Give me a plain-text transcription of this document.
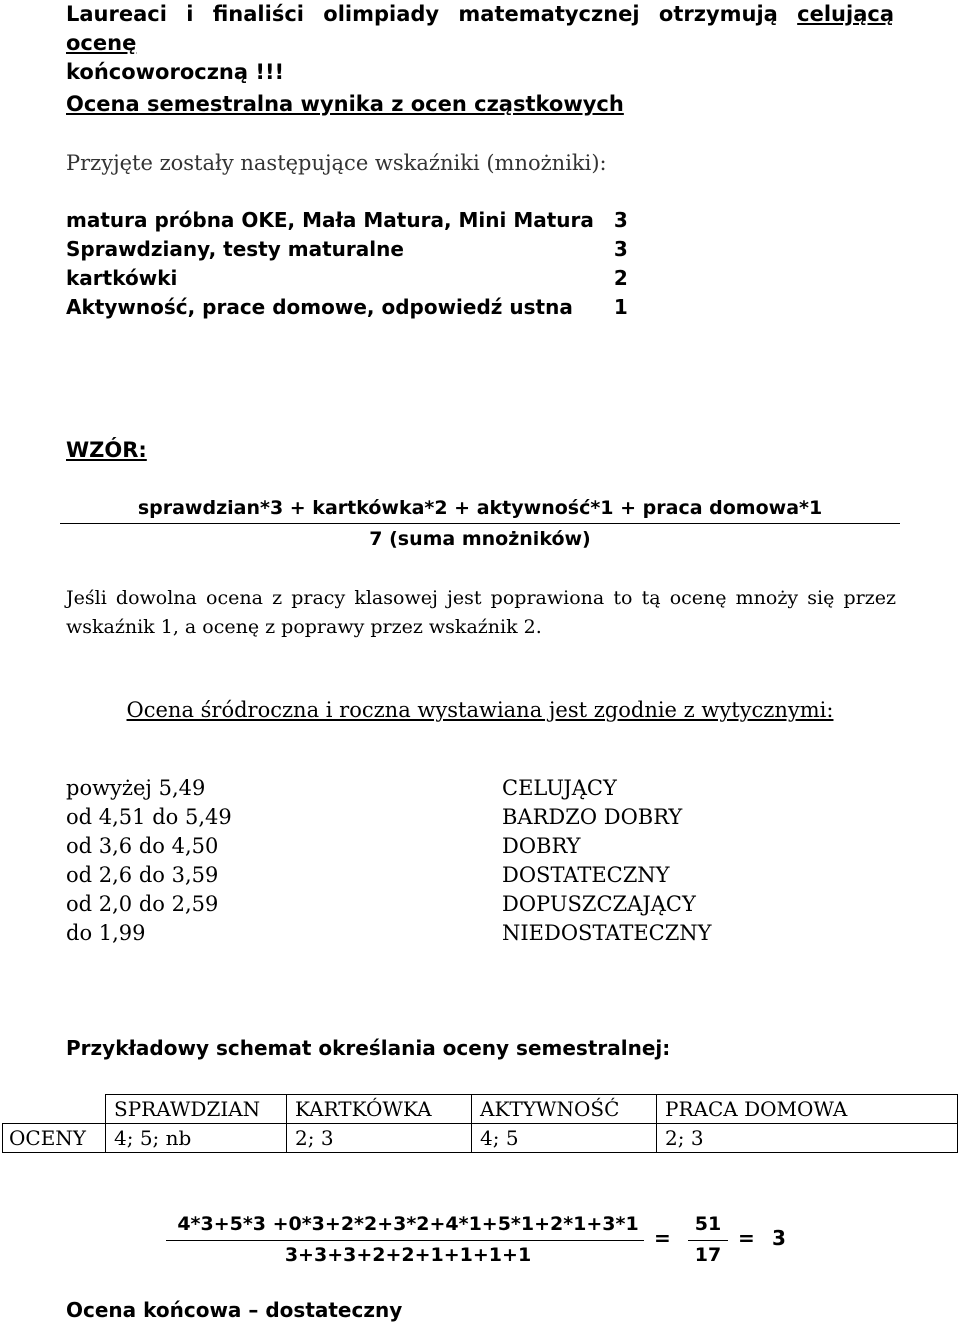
Laureaci i finaliści olimpiady matematycznej otrzymują celującą ocenę
końcoworoczną !!!
Ocena semestralna wynika z ocen cząstkowych
Przyjęte zostały następujące wskaźniki (mnożniki):
matura próbna OKE, Mała Matura, Mini Matura	3
Sprawdziany, testy maturalne	3
kartkówki	2
Aktywność, prace domowe, odpowiedź ustna	1
WZÓR:
sprawdzian*3 + kartkówka*2 + aktywność*1 + praca domowa*1
7 (suma mnożników)
Jeśli dowolna ocena z pracy klasowej jest poprawiona to tą ocenę mnoży się przez wskaźnik 1, a ocenę z poprawy przez wskaźnik 2.
Ocena śródroczna i roczna wystawiana jest zgodnie z wytycznymi:
powyżej 5,49	CELUJĄCY
od 4,51 do 5,49	BARDZO DOBRY
od 3,6 do 4,50	DOBRY
od 2,6 do 3,59	DOSTATECZNY
od 2,0 do 2,59	DOPUSZCZAJĄCY
do 1,99	NIEDOSTATECZNY
Przykładowy schemat określania oceny semestralnej:
	SPRAWDZIAN	KARTKÓWKA	AKTYWNOŚĆ	PRACA DOMOWA
OCENY	4; 5; nb	2; 3	4; 5	2; 3
4*3+5*3 +0*3+2*2+3*2+4*1+5*1+2*1+3*1
3+3+3+2+2+1+1+1+1
=
51
17
= 3
Ocena końcowa – dostateczny
